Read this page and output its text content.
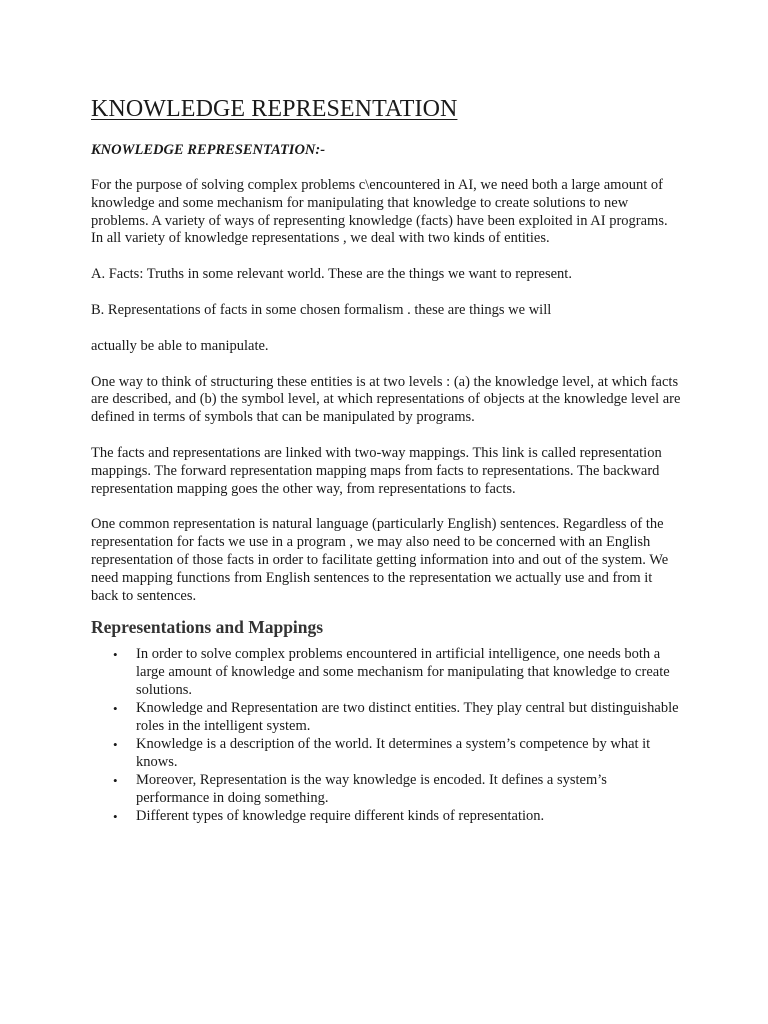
KNOWLEDGE REPRESENTATION
KNOWLEDGE REPRESENTATION:-

For the purpose of solving complex problems c\encountered in AI, we need both a large amount of knowledge and some mechanism for manipulating that knowledge to create solutions to new problems. A variety of ways of representing knowledge (facts) have been exploited in AI programs. In all variety of knowledge representations , we deal with two kinds of entities.

A. Facts: Truths in some relevant world. These are the things we want to represent.

B. Representations of facts in some chosen formalism . these are things we will

actually be able to manipulate.

One way to think of structuring these entities is at two levels : (a) the knowledge level, at which facts are described, and (b) the symbol level, at which representations of objects at the knowledge level are defined in terms of symbols that can be manipulated by programs.

The facts and representations are linked with two-way mappings. This link is called representation mappings. The forward representation mapping maps from facts to representations. The backward representation mapping goes the other way, from representations to facts.

One common representation is natural language (particularly English) sentences. Regardless of the representation for facts we use in a program , we may also need to be concerned with an English representation of those facts in order to facilitate getting information into and out of the system. We need mapping functions from English sentences to the representation we actually use and from it back to sentences.

Representations and Mappings
• In order to solve complex problems encountered in artificial intelligence, one needs both a large amount of knowledge and some mechanism for manipulating that knowledge to create solutions.
• Knowledge and Representation are two distinct entities. They play central but distinguishable roles in the intelligent system.
• Knowledge is a description of the world. It determines a system’s competence by what it knows.
• Moreover, Representation is the way knowledge is encoded. It defines a system’s performance in doing something.
• Different types of knowledge require different kinds of representation.
